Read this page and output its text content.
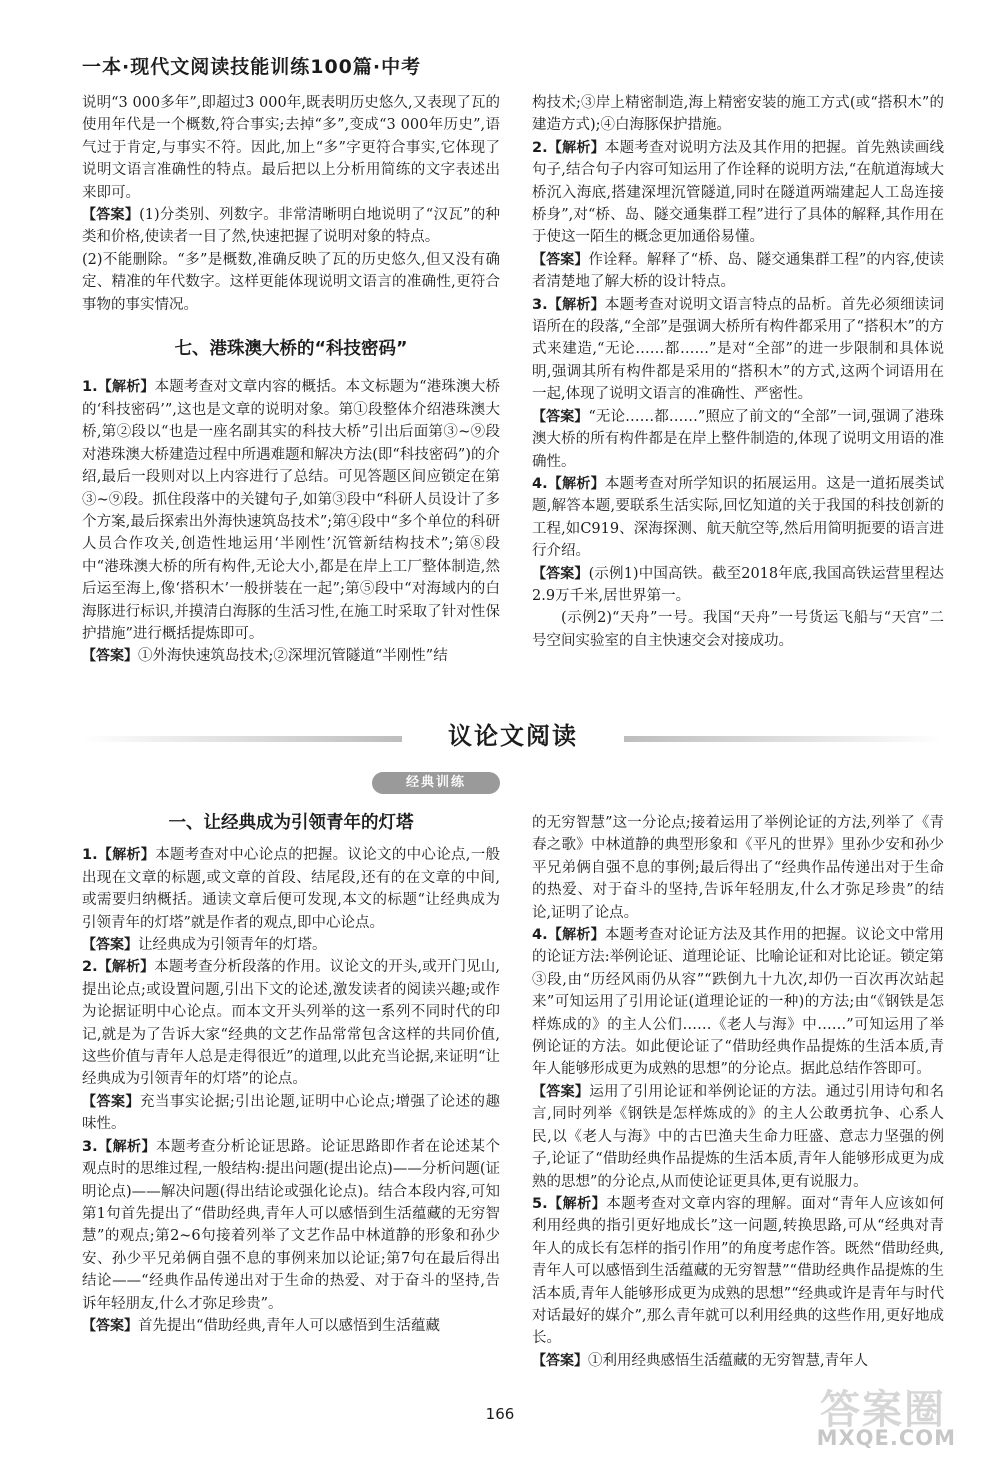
一本·现代文阅读技能训练100篇·中考

说明“3 000多年”,即超过3 000年,既表明历史悠久,又表现了瓦的使用年代是一个概数,符合事实;去掉“多”,变成“3 000年历史”,语气过于肯定,与事实不符。因此,加上“多”字更符合事实,它体现了说明文语言准确性的特点。最后把以上分析用简练的文字表述出来即可。

【答案】(1)分类别、列数字。非常清晰明白地说明了“汉瓦”的种类和价格,使读者一目了然,快速把握了说明对象的特点。

(2)不能删除。“多”是概数,准确反映了瓦的历史悠久,但又没有确定、精准的年代数字。这样更能体现说明文语言的准确性,更符合事物的事实情况。

七、港珠澳大桥的“科技密码”

1.【解析】本题考查对文章内容的概括。本文标题为“港珠澳大桥的‘科技密码’”,这也是文章的说明对象。第①段整体介绍港珠澳大桥,第②段以“也是一座名副其实的科技大桥”引出后面第③~⑨段对港珠澳大桥建造过程中所遇难题和解决方法(即“科技密码”)的介绍,最后一段则对以上内容进行了总结。可见答题区间应锁定在第③~⑨段。抓住段落中的关键句子,如第③段中“科研人员设计了多个方案,最后探索出外海快速筑岛技术”;第④段中“多个单位的科研人员合作攻关,创造性地运用‘半刚性’沉管新结构技术”;第⑧段中“港珠澳大桥的所有构件,无论大小,都是在岸上工厂整体制造,然后运至海上,像‘搭积木’一般拼装在一起”;第⑤段中“对海域内的白海豚进行标识,并摸清白海豚的生活习性,在施工时采取了针对性保护措施”进行概括提炼即可。

【答案】①外海快速筑岛技术;②深埋沉管隧道“半刚性”结

构技术;③岸上精密制造,海上精密安装的施工方式(或“搭积木”的建造方式);④白海豚保护措施。

2.【解析】本题考查对说明方法及其作用的把握。首先熟读画线句子,结合句子内容可知运用了作诠释的说明方法,“在航道海域大桥沉入海底,搭建深埋沉管隧道,同时在隧道两端建起人工岛连接桥身”,对“桥、岛、隧交通集群工程”进行了具体的解释,其作用在于使这一陌生的概念更加通俗易懂。

【答案】作诠释。解释了“桥、岛、隧交通集群工程”的内容,使读者清楚地了解大桥的设计特点。

3.【解析】本题考查对说明文语言特点的品析。首先必须细读词语所在的段落,“全部”是强调大桥所有构件都采用了“搭积木”的方式来建造,“无论……都……”是对“全部”的进一步限制和具体说明,强调其所有构件都是采用的“搭积木”的方式,这两个词语用在一起,体现了说明文语言的准确性、严密性。

【答案】“无论……都……”照应了前文的“全部”一词,强调了港珠澳大桥的所有构件都是在岸上整件制造的,体现了说明文用语的准确性。

4.【解析】本题考查对所学知识的拓展运用。这是一道拓展类试题,解答本题,要联系生活实际,回忆知道的关于我国的科技创新的工程,如C919、深海探测、航天航空等,然后用简明扼要的语言进行介绍。

【答案】(示例1)中国高铁。截至2018年底,我国高铁运营里程达2.9万千米,居世界第一。

(示例2)“天舟”一号。我国“天舟”一号货运飞船与“天宫”二号空间实验室的自主快速交会对接成功。

议论文阅读
经典训练

一、让经典成为引领青年的灯塔

1.【解析】本题考查对中心论点的把握。议论文的中心论点,一般出现在文章的标题,或文章的首段、结尾段,还有的在文章的中间,或需要归纳概括。通读文章后便可发现,本文的标题“让经典成为引领青年的灯塔”就是作者的观点,即中心论点。

【答案】让经典成为引领青年的灯塔。

2.【解析】本题考查分析段落的作用。议论文的开头,或开门见山,提出论点;或设置问题,引出下文的论述,激发读者的阅读兴趣;或作为论据证明中心论点。而本文开头列举的这一系列不同时代的印记,就是为了告诉大家“经典的文艺作品常常包含这样的共同价值,这些价值与青年人总是走得很近”的道理,以此充当论据,来证明“让经典成为引领青年的灯塔”的论点。

【答案】充当事实论据;引出论题,证明中心论点;增强了论述的趣味性。

3.【解析】本题考查分析论证思路。论证思路即作者在论述某个观点时的思维过程,一般结构:提出问题(提出论点)——分析问题(证明论点)——解决问题(得出结论或强化论点)。结合本段内容,可知第1句首先提出了“借助经典,青年人可以感悟到生活蕴藏的无穷智慧”的观点;第2~6句接着列举了文艺作品中林道静的形象和孙少安、孙少平兄弟俩自强不息的事例来加以论证;第7句在最后得出结论——“经典作品传递出对于生命的热爱、对于奋斗的坚持,告诉年轻朋友,什么才弥足珍贵”。

【答案】首先提出“借助经典,青年人可以感悟到生活蕴藏

的无穷智慧”这一分论点;接着运用了举例论证的方法,列举了《青春之歌》中林道静的典型形象和《平凡的世界》里孙少安和孙少平兄弟俩自强不息的事例;最后得出了“经典作品传递出对于生命的热爱、对于奋斗的坚持,告诉年轻朋友,什么才弥足珍贵”的结论,证明了论点。

4.【解析】本题考查对论证方法及其作用的把握。议论文中常用的论证方法:举例论证、道理论证、比喻论证和对比论证。锁定第③段,由“历经风雨仍从容”“跌倒九十九次,却仍一百次再次站起来”可知运用了引用论证(道理论证的一种)的方法;由“《钢铁是怎样炼成的》的主人公们……《老人与海》中……”可知运用了举例论证的方法。如此便论证了“借助经典作品提炼的生活本质,青年人能够形成更为成熟的思想”的分论点。据此总结作答即可。

【答案】运用了引用论证和举例论证的方法。通过引用诗句和名言,同时列举《钢铁是怎样炼成的》的主人公敢勇抗争、心系人民,以《老人与海》中的古巴渔夫生命力旺盛、意志力坚强的例子,论证了“借助经典作品提炼的生活本质,青年人能够形成更为成熟的思想”的分论点,从而使论证更具体,更有说服力。

5.【解析】本题考查对文章内容的理解。面对“青年人应该如何利用经典的指引更好地成长”这一问题,转换思路,可从“经典对青年人的成长有怎样的指引作用”的角度考虑作答。既然“借助经典,青年人可以感悟到生活蕴藏的无穷智慧”“借助经典作品提炼的生活本质,青年人能够形成更为成熟的思想”“经典或许是青年与时代对话最好的媒介”,那么青年就可以利用经典的这些作用,更好地成长。

【答案】①利用经典感悟生活蕴藏的无穷智慧,青年人

166	答案圈
MXQE.COM
